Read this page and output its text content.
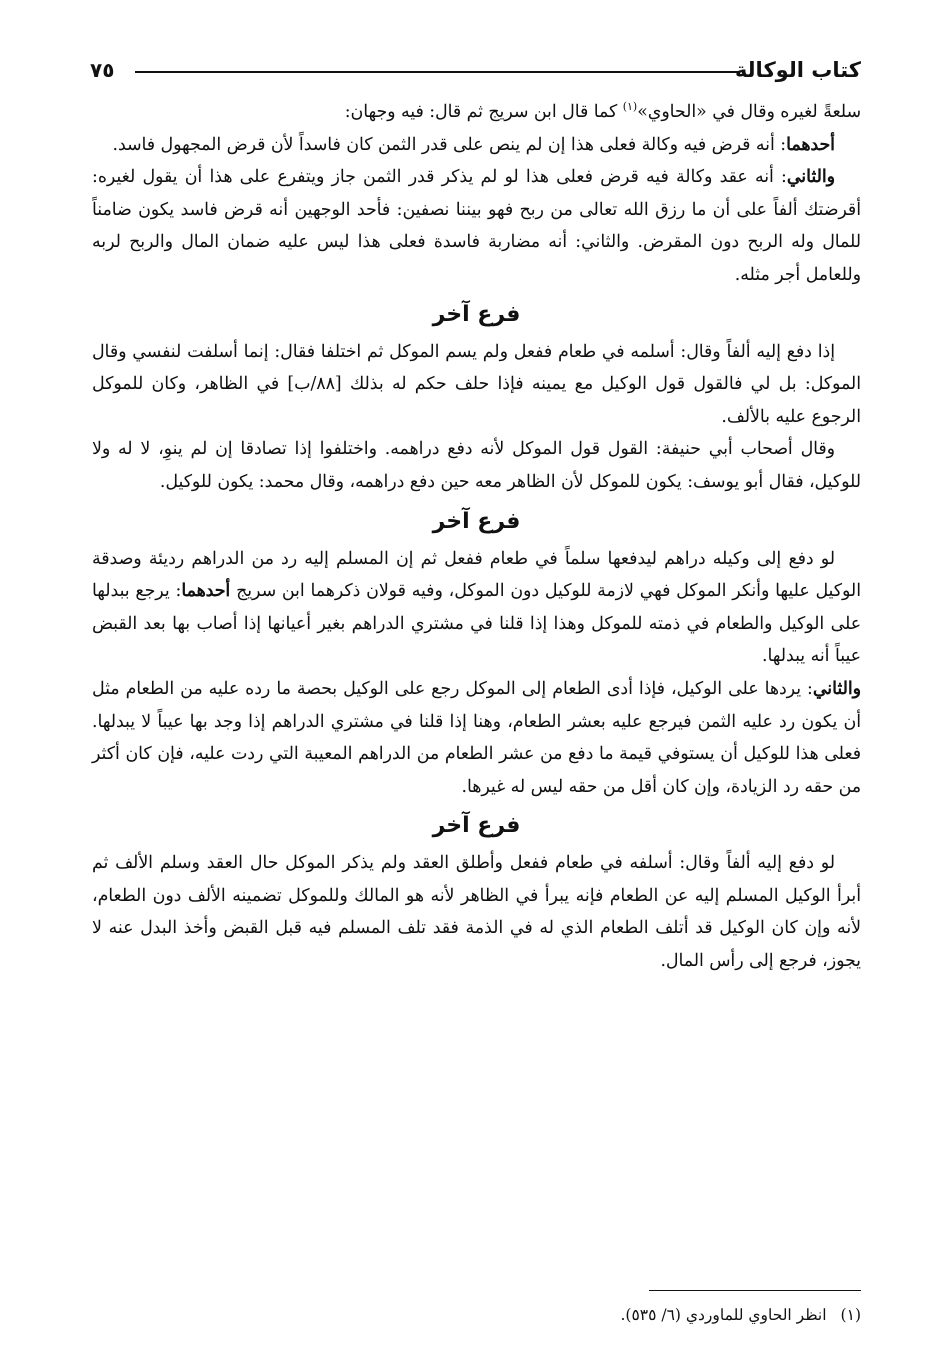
كتاب الوكالة
٧٥

سلعةً لغيره وقال في «الحاوي»$^{(١)}$ كما قال ابن سريج ثم قال: فيه وجهان:

أحدهما: أنه قرض فيه وكالة فعلى هذا إن لم ينص على قدر الثمن كان فاسداً لأن قرض المجهول فاسد.

والثاني: أنه عقد وكالة فيه قرض فعلى هذا لو لم يذكر قدر الثمن جاز ويتفرع على هذا أن يقول لغيره: أقرضتك ألفاً على أن ما رزق الله تعالى من ربح فهو بيننا نصفين: فأحد الوجهين أنه قرض فاسد يكون ضامناً للمال وله الربح دون المقرض. والثاني: أنه مضاربة فاسدة فعلى هذا ليس عليه ضمان المال والربح لربه وللعامل أجر مثله.

فرع آخر

إذا دفع إليه ألفاً وقال: أسلمه في طعام ففعل ولم يسم الموكل ثم اختلفا فقال: إنما أسلفت لنفسي وقال الموكل: بل لي فالقول قول الوكيل مع يمينه فإذا حلف حكم له بذلك [٨٨/ب] في الظاهر، وكان للموكل الرجوع عليه بالألف.

وقال أصحاب أبي حنيفة: القول قول الموكل لأنه دفع دراهمه. واختلفوا إذا تصادقا إن لم ينوِ، لا له ولا للوكيل، فقال أبو يوسف: يكون للموكل لأن الظاهر معه حين دفع دراهمه، وقال محمد: يكون للوكيل.

فرع آخر

لو دفع إلى وكيله دراهم ليدفعها سلماً في طعام ففعل ثم إن المسلم إليه رد من الدراهم رديئة وصدقة الوكيل عليها وأنكر الموكل فهي لازمة للوكيل دون الموكل، وفيه قولان ذكرهما ابن سريج أحدهما: يرجع ببدلها على الوكيل والطعام في ذمته للموكل وهذا إذا قلنا في مشتري الدراهم بغير أعيانها إذا أصاب بها بعد القبض عيباً أنه يبدلها.

والثاني: يردها على الوكيل، فإذا أدى الطعام إلى الموكل رجع على الوكيل بحصة ما رده عليه من الطعام مثل أن يكون رد عليه الثمن فيرجع عليه بعشر الطعام، وهنا إذا قلنا في مشتري الدراهم إذا وجد بها عيباً لا يبدلها. فعلى هذا للوكيل أن يستوفي قيمة ما دفع من عشر الطعام من الدراهم المعيبة التي ردت عليه، فإن كان أكثر من حقه رد الزيادة، وإن كان أقل من حقه ليس له غيرها.

فرع آخر

لو دفع إليه ألفاً وقال: أسلفه في طعام ففعل وأطلق العقد ولم يذكر الموكل حال العقد وسلم الألف ثم أبرأ الوكيل المسلم إليه عن الطعام فإنه يبرأ في الظاهر لأنه هو المالك وللموكل تضمينه الألف دون الطعام، لأنه وإن كان الوكيل قد أتلف الطعام الذي له في الذمة فقد تلف المسلم فيه قبل القبض وأخذ البدل عنه لا يجوز، فرجع إلى رأس المال.

(١)انظر الحاوي للماوردي (٦/ ٥٣٥).
